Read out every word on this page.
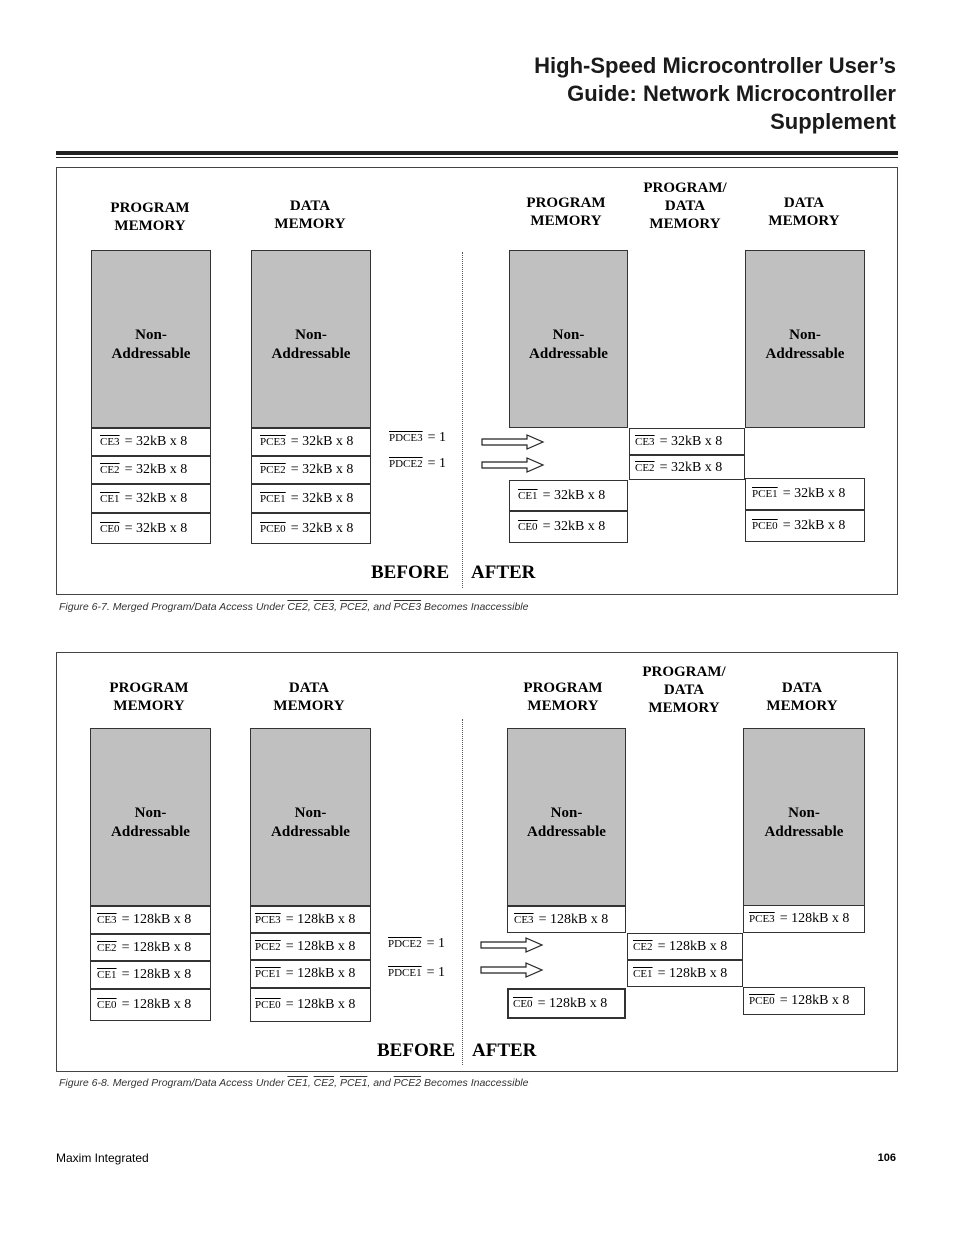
High-Speed Microcontroller User’s
Guide: Network Microcontroller
Supplement
PROGRAM
MEMORY
DATA
MEMORY
PROGRAM
MEMORY
PROGRAM/
DATA
MEMORY
DATA
MEMORY
Non-
Addressable
CE3 = 32kB x 8
CE2 = 32kB x 8
CE1 = 32kB x 8
CE0 = 32kB x 8
Non-
Addressable
PCE3 = 32kB x 8
PCE2 = 32kB x 8
PCE1 = 32kB x 8
PCE0 = 32kB x 8
PDCE3 = 1
PDCE2 = 1
Non-
Addressable
CE1 = 32kB x 8
CE0 = 32kB x 8
CE3 = 32kB x 8
CE2 = 32kB x 8
Non-
Addressable
PCE1 = 32kB x 8
PCE0 = 32kB x 8
BEFORE AFTER
Figure 6-7. Merged Program/Data Access Under CE2, CE3, PCE2, and PCE3 Becomes Inaccessible
PROGRAM
MEMORY
DATA
MEMORY
PROGRAM
MEMORY
PROGRAM/
DATA
MEMORY
DATA
MEMORY
Non-
Addressable
CE3 = 128kB x 8
CE2 = 128kB x 8
CE1 = 128kB x 8
CE0 = 128kB x 8
Non-
Addressable
PCE3 = 128kB x 8
PCE2 = 128kB x 8
PCE1 = 128kB x 8
PCE0 = 128kB x 8
PDCE2 = 1
PDCE1 = 1
Non-
Addressable
CE3 = 128kB x 8
CE0 = 128kB x 8
CE2 = 128kB x 8
CE1 = 128kB x 8
Non-
Addressable
PCE3 = 128kB x 8
PCE0 = 128kB x 8
BEFORE AFTER
Figure 6-8. Merged Program/Data Access Under CE1, CE2, PCE1, and PCE2 Becomes Inaccessible
Maxim Integrated	106
